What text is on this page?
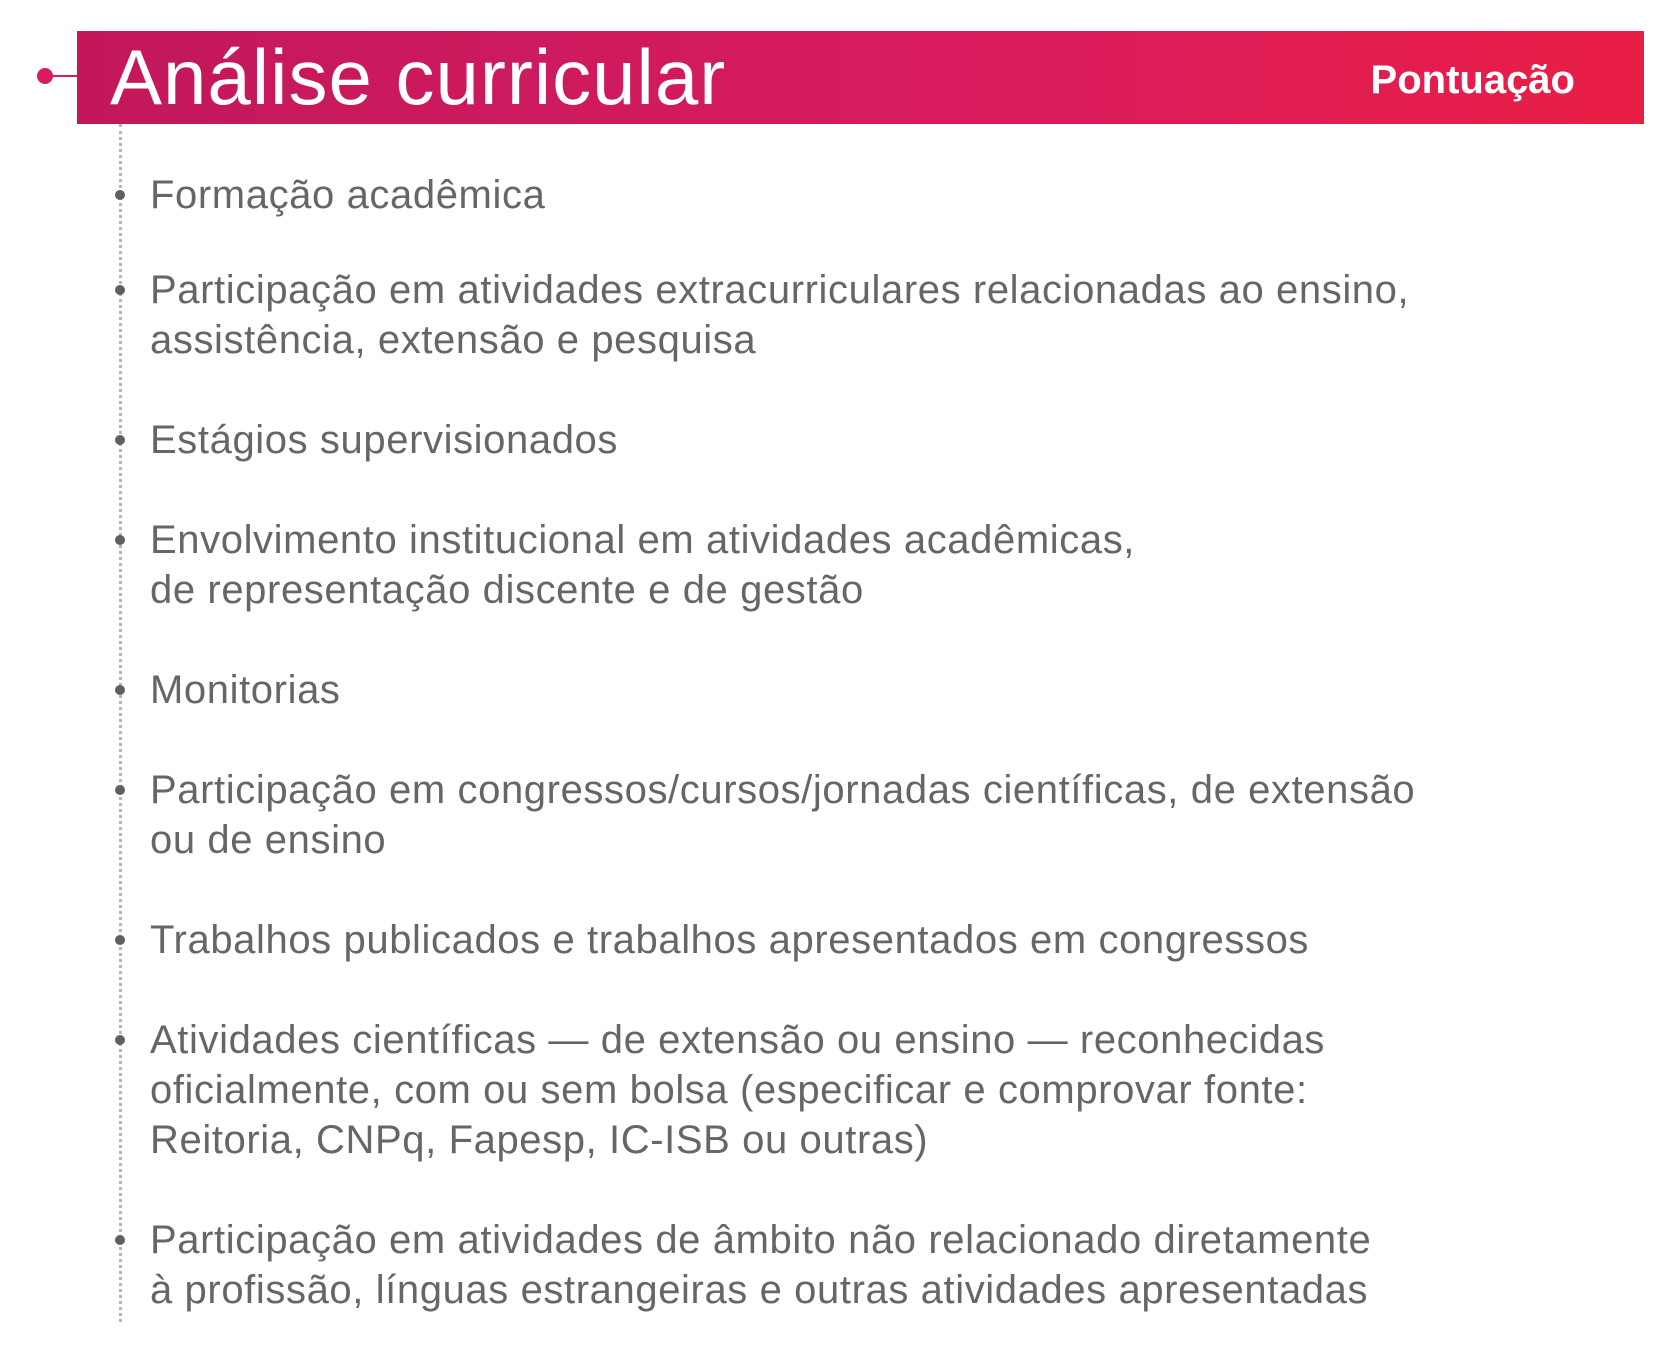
Análise curricular	Pontuação
Formação acadêmica
Participação em atividades extracurriculares relacionadas ao ensino,
assistência, extensão e pesquisa
Estágios supervisionados
Envolvimento institucional em atividades acadêmicas,
de representação discente e de gestão
Monitorias
Participação em congressos/cursos/jornadas científicas, de extensão
ou de ensino
Trabalhos publicados e trabalhos apresentados em congressos
Atividades científicas — de extensão ou ensino — reconhecidas
oficialmente, com ou sem bolsa (especificar e comprovar fonte:
Reitoria, CNPq, Fapesp, IC-ISB ou outras)
Participação em atividades de âmbito não relacionado diretamente
à profissão, línguas estrangeiras e outras atividades apresentadas
